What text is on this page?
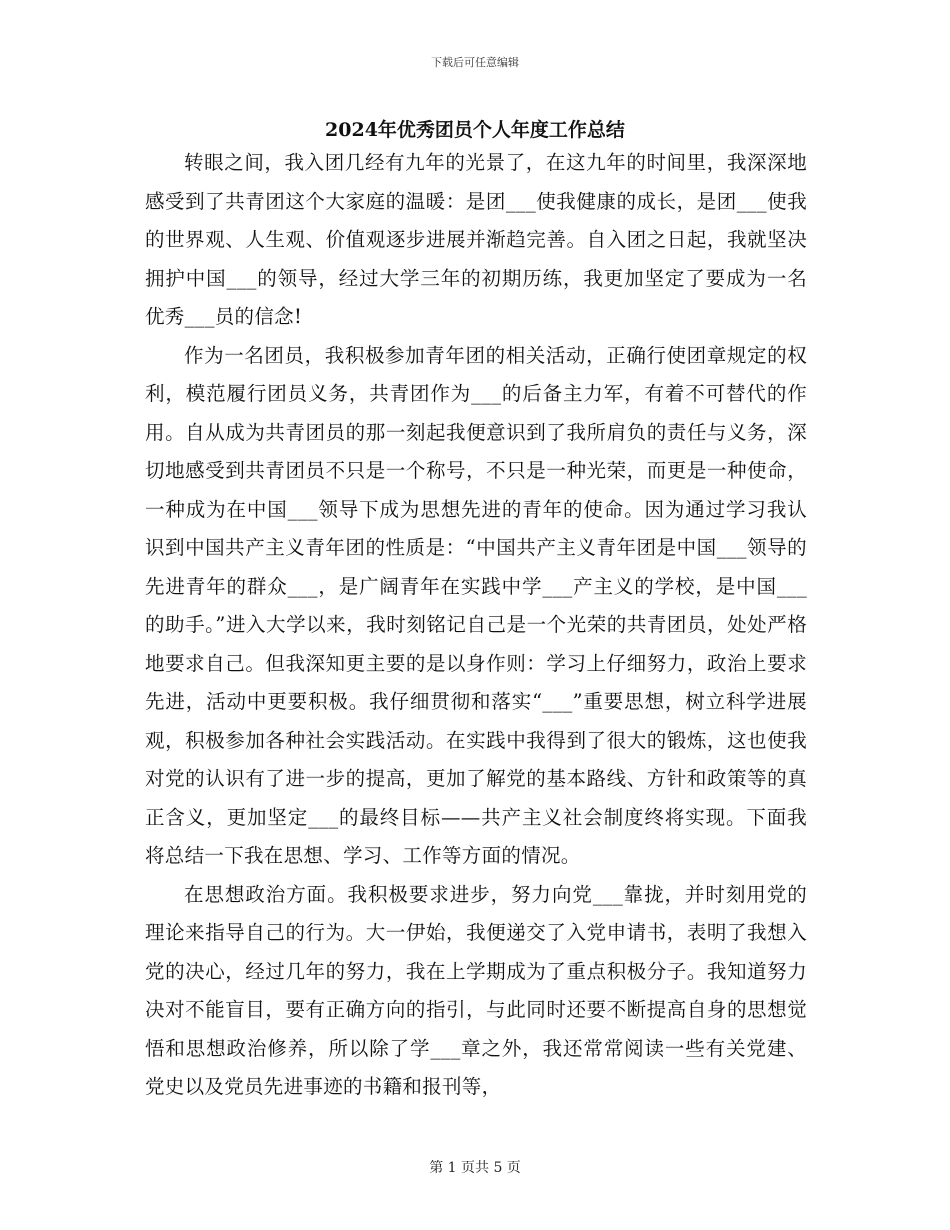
下载后可任意编辑
2024年优秀团员个人年度工作总结

转眼之间，我入团几经有九年的光景了，在这九年的时间里，我深深地感受到了共青团这个大家庭的温暖：是团___使我健康的成长，是团___使我的世界观、人生观、价值观逐步进展并渐趋完善。自入团之日起，我就坚决拥护中国___的领导，经过大学三年的初期历练，我更加坚定了要成为一名优秀___员的信念!

作为一名团员，我积极参加青年团的相关活动，正确行使团章规定的权利，模范履行团员义务，共青团作为___的后备主力军，有着不可替代的作用。自从成为共青团员的那一刻起我便意识到了我所肩负的责任与义务，深切地感受到共青团员不只是一个称号，不只是一种光荣，而更是一种使命，一种成为在中国___领导下成为思想先进的青年的使命。因为通过学习我认识到中国共产主义青年团的性质是：“中国共产主义青年团是中国___领导的先进青年的群众___，是广阔青年在实践中学___产主义的学校，是中国___的助手。”进入大学以来，我时刻铭记自己是一个光荣的共青团员，处处严格地要求自己。但我深知更主要的是以身作则：学习上仔细努力，政治上要求先进，活动中更要积极。我仔细贯彻和落实“___”重要思想，树立科学进展观，积极参加各种社会实践活动。在实践中我得到了很大的锻炼，这也使我对党的认识有了进一步的提高，更加了解党的基本路线、方针和政策等的真正含义，更加坚定___的最终目标——共产主义社会制度终将实现。下面我将总结一下我在思想、学习、工作等方面的情况。

在思想政治方面。我积极要求进步，努力向党___靠拢，并时刻用党的理论来指导自己的行为。大一伊始，我便递交了入党申请书，表明了我想入党的决心，经过几年的努力，我在上学期成为了重点积极分子。我知道努力决对不能盲目，要有正确方向的指引，与此同时还要不断提高自身的思想觉悟和思想政治修养，所以除了学___章之外，我还常常阅读一些有关党建、党史以及党员先进事迹的书籍和报刊等，

第 1 页共 5 页
